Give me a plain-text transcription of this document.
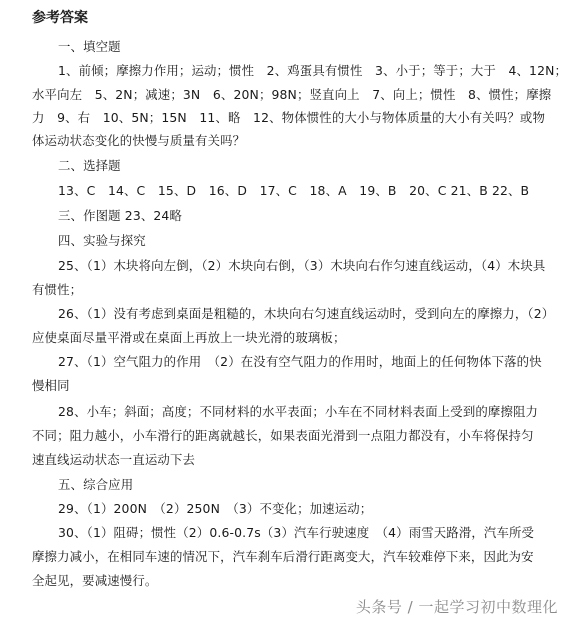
参考答案
一、填空题
1、前倾；摩擦力作用；运动；惯性　2、鸡蛋具有惯性　3、小于；等于；大于　4、12N；
水平向左　5、2N；减速；3N　6、20N；98N；竖直向上　7、向上；惯性　8、惯性；摩擦
力　9、右　10、5N；15N　11、略　12、物体惯性的大小与物体质量的大小有关吗？或物
体运动状态变化的快慢与质量有关吗？
二、选择题
13、C　14、C　15、D　16、D　17、C　18、A　19、B　20、C 21、B 22、B
三、作图题 23、24略
四、实验与探究
25、（1）木块将向左倒，（2）木块向右倒，（3）木块向右作匀速直线运动，（4）木块具
有惯性；
26、（1）没有考虑到桌面是粗糙的，木块向右匀速直线运动时，受到向左的摩擦力，（2）
应使桌面尽量平滑或在桌面上再放上一块光滑的玻璃板；
27、（1）空气阻力的作用　（2）在没有空气阻力的作用时，地面上的任何物体下落的快
慢相同
28、小车；斜面；高度；不同材料的水平表面；小车在不同材料表面上受到的摩擦阻力
不同；阻力越小，小车滑行的距离就越长，如果表面光滑到一点阻力都没有，小车将保持匀
速直线运动状态一直运动下去
五、综合应用
29、（1）200N　（2）250N　（3）不变化；加速运动；
30、（1）阻碍；惯性（2）0.6-0.7s（3）汽车行驶速度　（4）雨雪天路滑，汽车所受
摩擦力减小，在相同车速的情况下，汽车刹车后滑行距离变大，汽车较难停下来，因此为安
全起见，要减速慢行。
头条号 / 一起学习初中数理化
